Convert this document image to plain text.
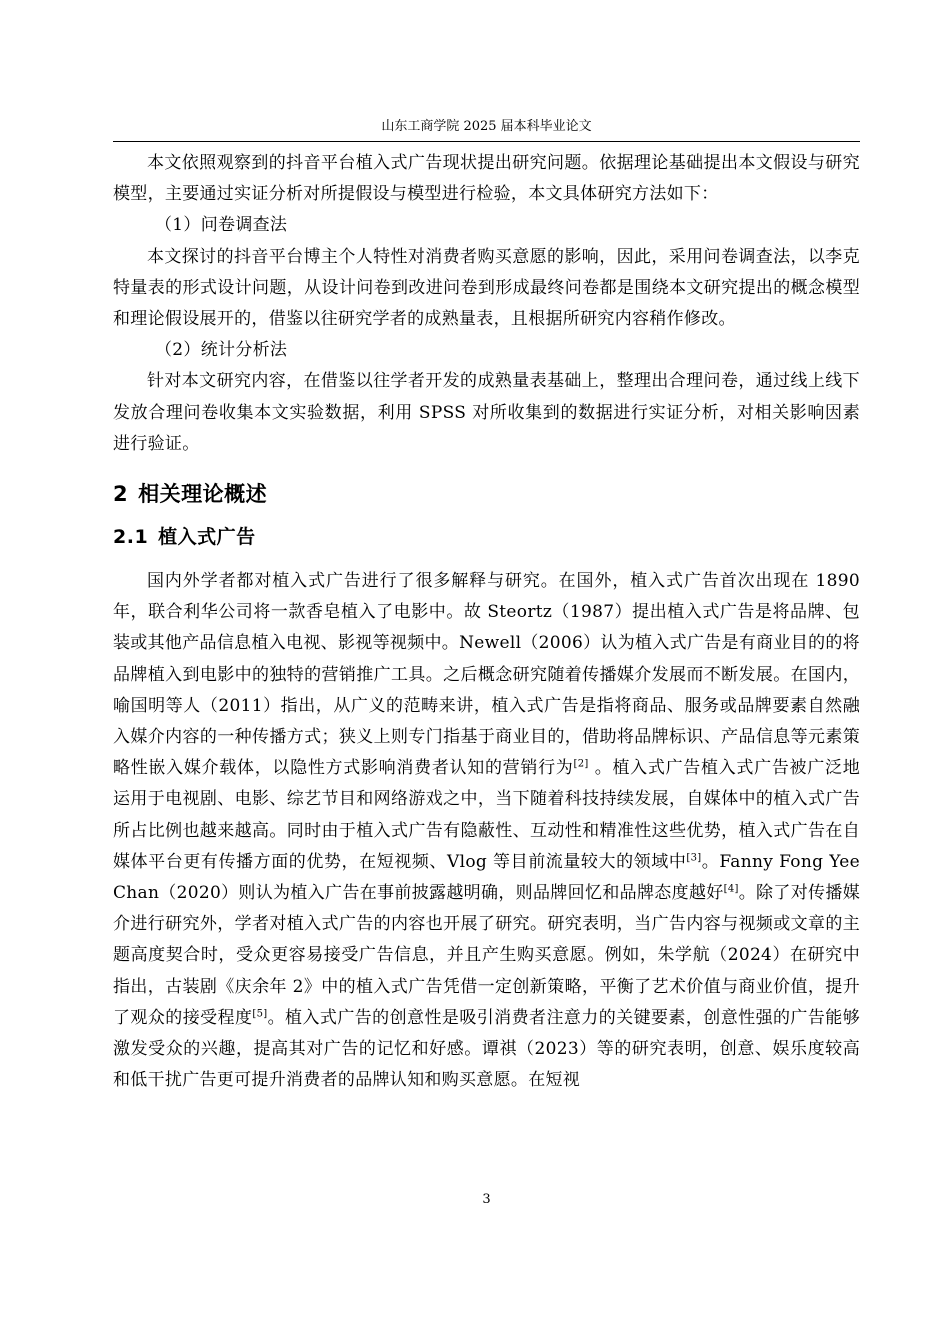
山东工商学院 2025 届本科毕业论文

本文依照观察到的抖音平台植入式广告现状提出研究问题。依据理论基础提出本文假设与研究模型，主要通过实证分析对所提假设与模型进行检验，本文具体研究方法如下：

（1）问卷调查法

本文探讨的抖音平台博主个人特性对消费者购买意愿的影响，因此，采用问卷调查法，以李克特量表的形式设计问题，从设计问卷到改进问卷到形成最终问卷都是围绕本文研究提出的概念模型和理论假设展开的，借鉴以往研究学者的成熟量表，且根据所研究内容稍作修改。

（2）统计分析法

针对本文研究内容，在借鉴以往学者开发的成熟量表基础上，整理出合理问卷，通过线上线下发放合理问卷收集本文实验数据，利用 SPSS 对所收集到的数据进行实证分析，对相关影响因素进行验证。

2 相关理论概述
2.1 植入式广告

国内外学者都对植入式广告进行了很多解释与研究。在国外，植入式广告首次出现在 1890 年，联合利华公司将一款香皂植入了电影中。故 Steortz（1987）提出植入式广告是将品牌、包装或其他产品信息植入电视、影视等视频中。Newell（2006）认为植入式广告是有商业目的的将品牌植入到电影中的独特的营销推广工具。之后概念研究随着传播媒介发展而不断发展。在国内，喻国明等人（2011）指出，从广义的范畴来讲，植入式广告是指将商品、服务或品牌要素自然融入媒介内容的一种传播方式；狭义上则专门指基于商业目的，借助将品牌标识、产品信息等元素策略性嵌入媒介载体，以隐性方式影响消费者认知的营销行为[2] 。植入式广告植入式广告被广泛地运用于电视剧、电影、综艺节目和网络游戏之中，当下随着科技持续发展，自媒体中的植入式广告所占比例也越来越高。同时由于植入式广告有隐蔽性、互动性和精准性这些优势，植入式广告在自媒体平台更有传播方面的优势，在短视频、Vlog 等目前流量较大的领域中[3]。Fanny Fong Yee Chan（2020）则认为植入广告在事前披露越明确，则品牌回忆和品牌态度越好[4]。除了对传播媒介进行研究外，学者对植入式广告的内容也开展了研究。研究表明，当广告内容与视频或文章的主题高度契合时，受众更容易接受广告信息，并且产生购买意愿。例如，朱学航（2024）在研究中指出，古装剧《庆余年 2》中的植入式广告凭借一定创新策略，平衡了艺术价值与商业价值，提升了观众的接受程度[5]。植入式广告的创意性是吸引消费者注意力的关键要素，创意性强的广告能够激发受众的兴趣，提高其对广告的记忆和好感。谭祺（2023）等的研究表明，创意、娱乐度较高和低干扰广告更可提升消费者的品牌认知和购买意愿。在短视

3
